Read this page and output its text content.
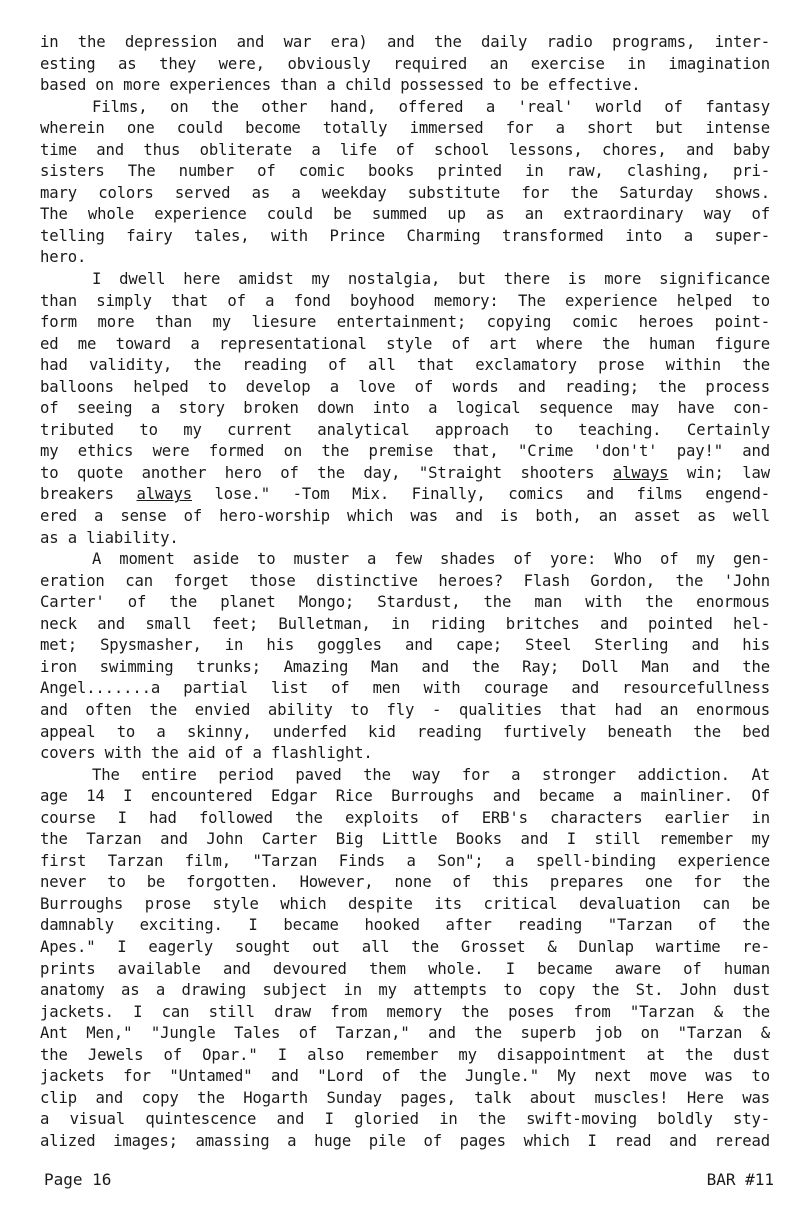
in the depression and war era) and the daily radio programs, inter-
esting as they were, obviously required an exercise in imagination
based on more experiences than a child possessed to be effective.
Films, on the other hand, offered a 'real' world of fantasy
wherein one could become totally immersed for a short but intense
time and thus obliterate a life of school lessons, chores, and baby
sisters The number of comic books printed in raw, clashing, pri-
mary colors served as a weekday substitute for the Saturday shows.
The whole experience could be summed up as an extraordinary way of
telling fairy tales, with Prince Charming transformed into a super-
hero.
I dwell here amidst my nostalgia, but there is more significance
than simply that of a fond boyhood memory: The experience helped to
form more than my liesure entertainment; copying comic heroes point-
ed me toward a representational style of art where the human figure
had validity, the reading of all that exclamatory prose within the
balloons helped to develop a love of words and reading; the process
of seeing a story broken down into a logical sequence may have con-
tributed to my current analytical approach to teaching. Certainly
my ethics were formed on the premise that, "Crime 'don't' pay!" and
to quote another hero of the day, "Straight shooters always win; law
breakers always lose." -Tom Mix. Finally, comics and films engend-
ered a sense of hero-worship which was and is both, an asset as well
as a liability.
A moment aside to muster a few shades of yore: Who of my gen-
eration can forget those distinctive heroes? Flash Gordon, the 'John
Carter' of the planet Mongo; Stardust, the man with the enormous
neck and small feet; Bulletman, in riding britches and pointed hel-
met; Spysmasher, in his goggles and cape; Steel Sterling and his
iron swimming trunks; Amazing Man and the Ray; Doll Man and the
Angel.......a partial list of men with courage and resourcefullness
and often the envied ability to fly - qualities that had an enormous
appeal to a skinny, underfed kid reading furtively beneath the bed
covers with the aid of a flashlight.
The entire period paved the way for a stronger addiction. At
age 14 I encountered Edgar Rice Burroughs and became a mainliner. Of
course I had followed the exploits of ERB's characters earlier in
the Tarzan and John Carter Big Little Books and I still remember my
first Tarzan film, "Tarzan Finds a Son"; a spell-binding experience
never to be forgotten. However, none of this prepares one for the
Burroughs prose style which despite its critical devaluation can be
damnably exciting. I became hooked after reading "Tarzan of the
Apes." I eagerly sought out all the Grosset & Dunlap wartime re-
prints available and devoured them whole. I became aware of human
anatomy as a drawing subject in my attempts to copy the St. John dust
jackets. I can still draw from memory the poses from "Tarzan & the
Ant Men," "Jungle Tales of Tarzan," and the superb job on "Tarzan &
the Jewels of Opar." I also remember my disappointment at the dust
jackets for "Untamed" and "Lord of the Jungle." My next move was to
clip and copy the Hogarth Sunday pages, talk about muscles! Here was
a visual quintescence and I gloried in the swift-moving boldly sty-
alized images; amassing a huge pile of pages which I read and reread
Page 16	BAR #11
